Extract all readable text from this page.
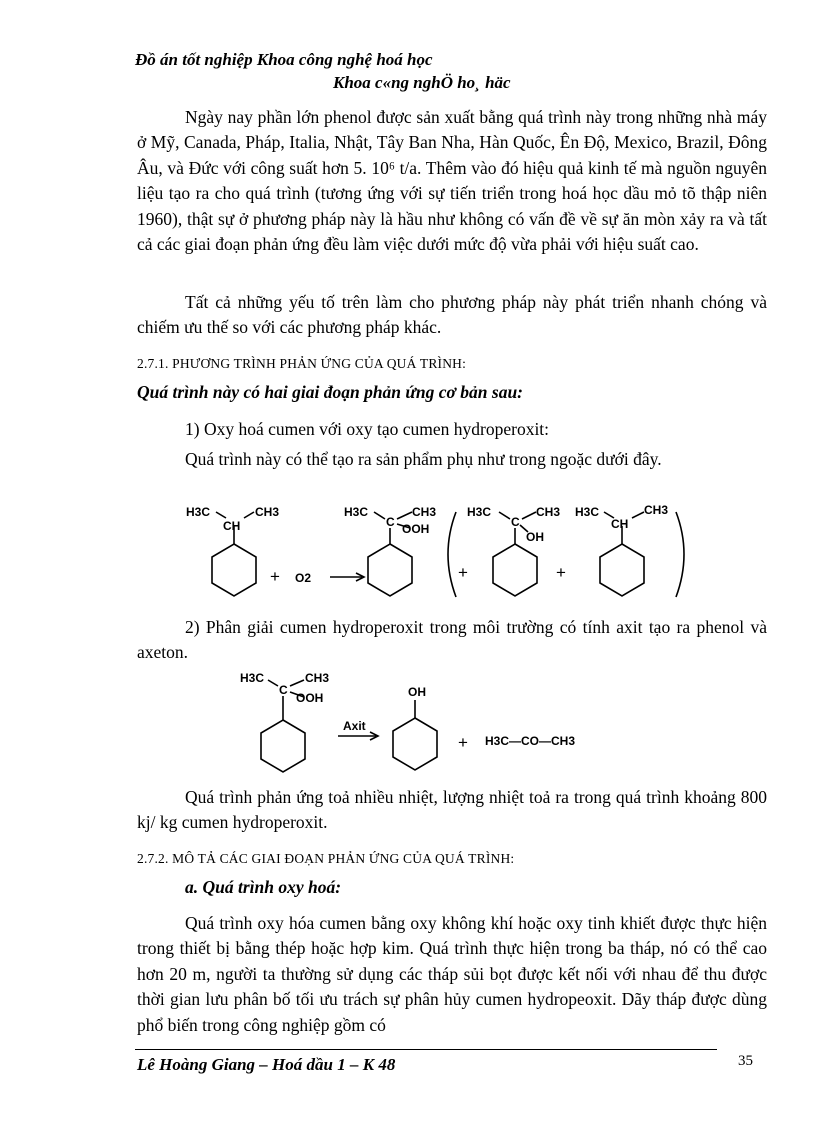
Đồ án tốt nghiệp Khoa công nghệ hoá học
Khoa c«ng nghÖ ho¸ häc

Ngày nay phần lớn phenol được sản xuất bằng quá trình này trong những nhà máy ở Mỹ, Canada, Pháp, Italia, Nhật, Tây Ban Nha, Hàn Quốc, Ên Độ, Mexico, Brazil, Đông Âu, và Đức với công suất hơn 5. 10⁶ t/a. Thêm vào đó hiệu quả kinh tế mà nguồn nguyên liệu tạo ra cho quá trình (tương ứng với sự tiến triển trong hoá học dầu mỏ tõ thập niên 1960), thật sự ở phương pháp này là hầu như không có vấn đề về sự ăn mòn xảy ra và tất cả các giai đoạn phản ứng đều làm việc dưới mức độ vừa phải với hiệu suất cao.

Tất cả những yếu tố trên làm cho phương pháp này phát triển nhanh chóng và chiếm ưu thế so với các phương pháp khác.

2.7.1. PHƯƠNG TRÌNH PHẢN ỨNG CỦA QUÁ TRÌNH:
Quá trình này có hai giai đoạn phản ứng cơ bản sau:
1) Oxy hoá cumen với oxy tạo cumen hydroperoxit:
Quá trình này có thể tạo ra sản phẩm phụ như trong ngoặc dưới đây.
H3C
CH
CH3
+ O2
H3C
C
CH3
OOH
H3C
C
CH3
OH
+	+
H3C
CH
CH3

2) Phân giải cumen hydroperoxit trong môi trường có tính axit tạo ra phenol và axeton.

H3C
C
CH3
OOH
Axit
OH
+ H3C—CO—CH3

Quá trình phản ứng toả nhiều nhiệt, lượng nhiệt toả ra trong quá trình khoảng 800 kj/ kg cumen hydroperoxit.

2.7.2. MÔ TẢ CÁC GIAI ĐOẠN PHẢN ỨNG CỦA QUÁ TRÌNH:
a. Quá trình oxy hoá:

Quá trình oxy hóa cumen bằng oxy không khí hoặc oxy tinh khiết được thực hiện trong thiết bị bằng thép hoặc hợp kim. Quá trình thực hiện trong ba tháp, nó có thể cao hơn 20 m, người ta thường sử dụng các tháp sủi bọt được kết nối với nhau để thu được thời gian lưu phân bố tối ưu trách sự phân hủy cumen hydropeoxit. Dãy tháp được dùng phổ biến trong công nghiệp gồm có

Lê Hoàng Giang – Hoá dầu 1 – K 48	35
